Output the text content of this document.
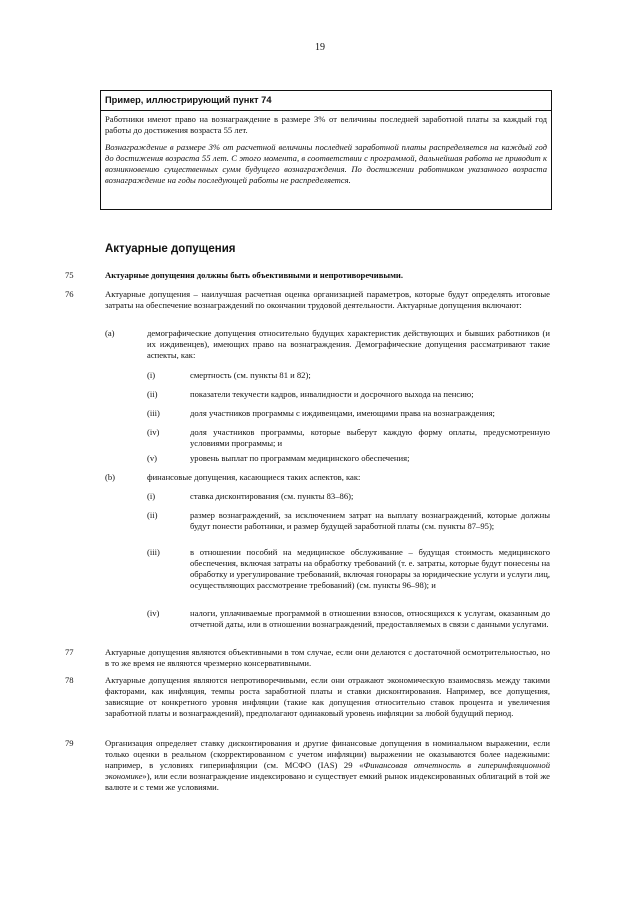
19
Пример, иллюстрирующий пункт 74
Работники имеют право на вознаграждение в размере 3% от величины последней заработной платы за каждый год работы до достижения возраста 55 лет.
Вознаграждение в размере 3% от расчетной величины последней заработной платы распределяется на каждый год до достижения возраста 55 лет. С этого момента, в соответствии с программой, дальнейшая работа не приводит к возникновению существенных сумм будущего вознаграждения. По достижении работником указанного возраста вознаграждение на годы последующей работы не распределяется.
Актуарные допущения
75	Актуарные допущения должны быть объективными и непротиворечивыми.
76	Актуарные допущения – наилучшая расчетная оценка организацией параметров, которые будут определять итоговые затраты на обеспечение вознаграждений по окончании трудовой деятельности. Актуарные допущения включают:
(a)	демографические допущения относительно будущих характеристик действующих и бывших работников (и их иждивенцев), имеющих право на вознаграждения. Демографические допущения рассматривают такие аспекты, как:
(i)	смертность (см. пункты 81 и 82);
(ii)	показатели текучести кадров, инвалидности и досрочного выхода на пенсию;
(iii)	доля участников программы с иждивенцами, имеющими права на вознаграждения;
(iv)	доля участников программы, которые выберут каждую форму оплаты, предусмотренную условиями программы; и
(v)	уровень выплат по программам медицинского обеспечения;
(b)	финансовые допущения, касающиеся таких аспектов, как:
(i)	ставка дисконтирования (см. пункты 83–86);
(ii)	размер вознаграждений, за исключением затрат на выплату вознаграждений, которые должны будут понести работники, и размер будущей заработной платы (см. пункты 87–95);
(iii)	в отношении пособий на медицинское обслуживание – будущая стоимость медицинского обеспечения, включая затраты на обработку требований (т. е. затраты, которые будут понесены на обработку и урегулирование требований, включая гонорары за юридические услуги и услуги лиц, осуществляющих рассмотрение требований) (см. пункты 96–98); и
(iv)	налоги, уплачиваемые программой в отношении взносов, относящихся к услугам, оказанным до отчетной даты, или в отношении вознаграждений, предоставляемых в связи с данными услугами.
77	Актуарные допущения являются объективными в том случае, если они делаются с достаточной осмотрительностью, но в то же время не являются чрезмерно консервативными.
78	Актуарные допущения являются непротиворечивыми, если они отражают экономическую взаимосвязь между такими факторами, как инфляция, темпы роста заработной платы и ставки дисконтирования. Например, все допущения, зависящие от конкретного уровня инфляции (такие как допущения относительно ставок процента и увеличения заработной платы и вознаграждений), предполагают одинаковый уровень инфляции за любой будущий период.
79	Организация определяет ставку дисконтирования и другие финансовые допущения в номинальном выражении, если только оценки в реальном (скорректированном с учетом инфляции) выражении не оказываются более надежными: например, в условиях гиперинфляции (см. МСФО (IAS) 29 «Финансовая отчетность в гиперинфляционной экономике»), или если вознаграждение индексировано и существует емкий рынок индексированных облигаций в той же валюте и с теми же условиями.
